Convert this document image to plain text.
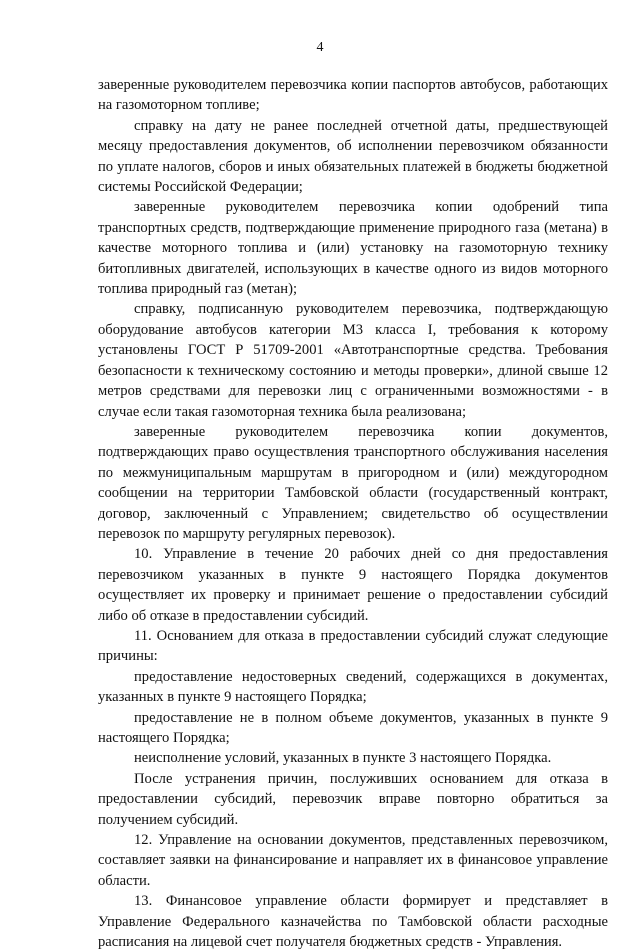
4

заверенные руководителем перевозчика копии паспортов автобусов, работающих на газомоторном топливе;

справку на дату не ранее последней отчетной даты, предшествующей месяцу предоставления документов, об исполнении перевозчиком обязанности по уплате налогов, сборов и иных обязательных платежей в бюджеты бюджетной системы Российской Федерации;

заверенные руководителем перевозчика копии одобрений типа транспортных средств, подтверждающие применение природного газа (метана) в качестве моторного топлива и (или) установку на газомоторную технику битопливных двигателей, использующих в качестве одного из видов моторного топлива природный газ (метан);

справку, подписанную руководителем перевозчика, подтверждающую оборудование автобусов категории М3 класса I, требования к которому установлены ГОСТ Р 51709-2001 «Автотранспортные средства. Требования безопасности к техническому состоянию и методы проверки», длиной свыше 12 метров средствами для перевозки лиц с ограниченными возможностями - в случае если такая газомоторная техника была реализована;

заверенные руководителем перевозчика копии документов, подтверждающих право осуществления транспортного обслуживания населения по межмуниципальным маршрутам в пригородном и (или) междугородном сообщении на территории Тамбовской области (государственный контракт, договор, заключенный с Управлением; свидетельство об осуществлении перевозок по маршруту регулярных перевозок).

10. Управление в течение 20 рабочих дней со дня предоставления перевозчиком указанных в пункте 9 настоящего Порядка документов осуществляет их проверку и принимает решение о предоставлении субсидий либо об отказе в предоставлении субсидий.

11. Основанием для отказа в предоставлении субсидий служат следующие причины:

предоставление недостоверных сведений, содержащихся в документах, указанных в пункте 9 настоящего Порядка;

предоставление не в полном объеме документов, указанных в пункте 9 настоящего Порядка;

неисполнение условий, указанных в пункте 3 настоящего Порядка.

После устранения причин, послуживших основанием для отказа в предоставлении субсидий, перевозчик вправе повторно обратиться за получением субсидий.

12. Управление на основании документов, представленных перевозчиком, составляет заявки на финансирование и направляет их в финансовое управление области.

13. Финансовое управление области формирует и представляет в Управление Федерального казначейства по Тамбовской области расходные расписания на лицевой счет получателя бюджетных средств - Управления.
